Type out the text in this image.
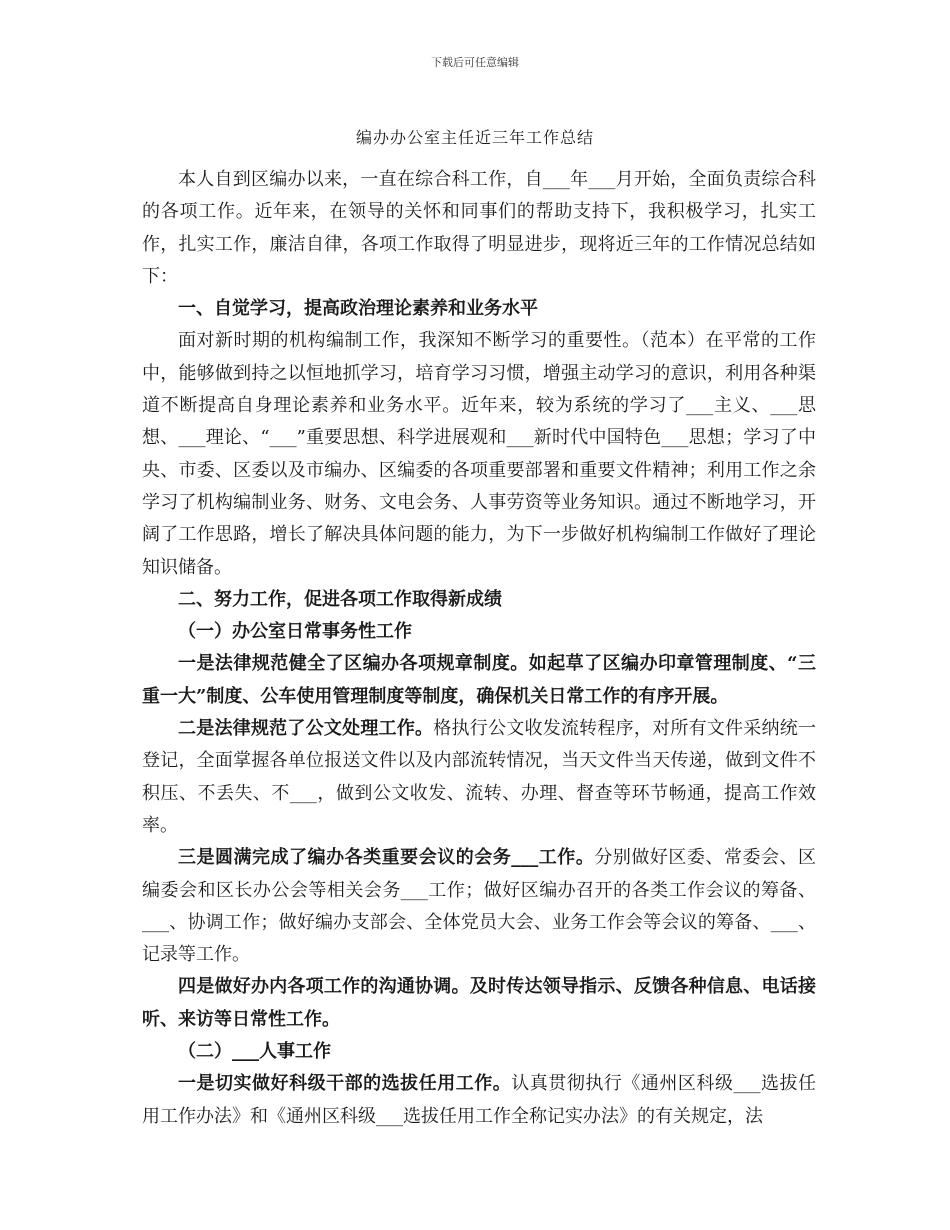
下载后可任意编辑
编办办公室主任近三年工作总结

本人自到区编办以来，一直在综合科工作，自___年___月开始，全面负责综合科的各项工作。近年来，在领导的关怀和同事们的帮助支持下，我积极学习，扎实工作，扎实工作，廉洁自律，各项工作取得了明显进步，现将近三年的工作情况总结如下：

一、自觉学习，提高政治理论素养和业务水平

面对新时期的机构编制工作，我深知不断学习的重要性。（范本）在平常的工作中，能够做到持之以恒地抓学习，培育学习习惯，增强主动学习的意识，利用各种渠道不断提高自身理论素养和业务水平。近年来，较为系统的学习了___主义、___思想、___理论、“___”重要思想、科学进展观和___新时代中国特色___思想；学习了中央、市委、区委以及市编办、区编委的各项重要部署和重要文件精神；利用工作之余学习了机构编制业务、财务、文电会务、人事劳资等业务知识。通过不断地学习，开阔了工作思路，增长了解决具体问题的能力，为下一步做好机构编制工作做好了理论知识储备。

二、努力工作，促进各项工作取得新成绩

（一）办公室日常事务性工作

一是法律规范健全了区编办各项规章制度。如起草了区编办印章管理制度、“三重一大”制度、公车使用管理制度等制度，确保机关日常工作的有序开展。

二是法律规范了公文处理工作。格执行公文收发流转程序，对所有文件采纳统一登记，全面掌握各单位报送文件以及内部流转情况，当天文件当天传递，做到文件不积压、不丢失、不___，做到公文收发、流转、办理、督查等环节畅通，提高工作效率。

三是圆满完成了编办各类重要会议的会务___工作。分别做好区委、常委会、区编委会和区长办公会等相关会务___工作；做好区编办召开的各类工作会议的筹备、___、协调工作；做好编办支部会、全体党员大会、业务工作会等会议的筹备、___、记录等工作。

四是做好办内各项工作的沟通协调。及时传达领导指示、反馈各种信息、电话接听、来访等日常性工作。

（二）___人事工作

一是切实做好科级干部的选拔任用工作。认真贯彻执行《通州区科级___选拔任用工作办法》和《通州区科级___选拔任用工作全称记实办法》的有关规定，法
